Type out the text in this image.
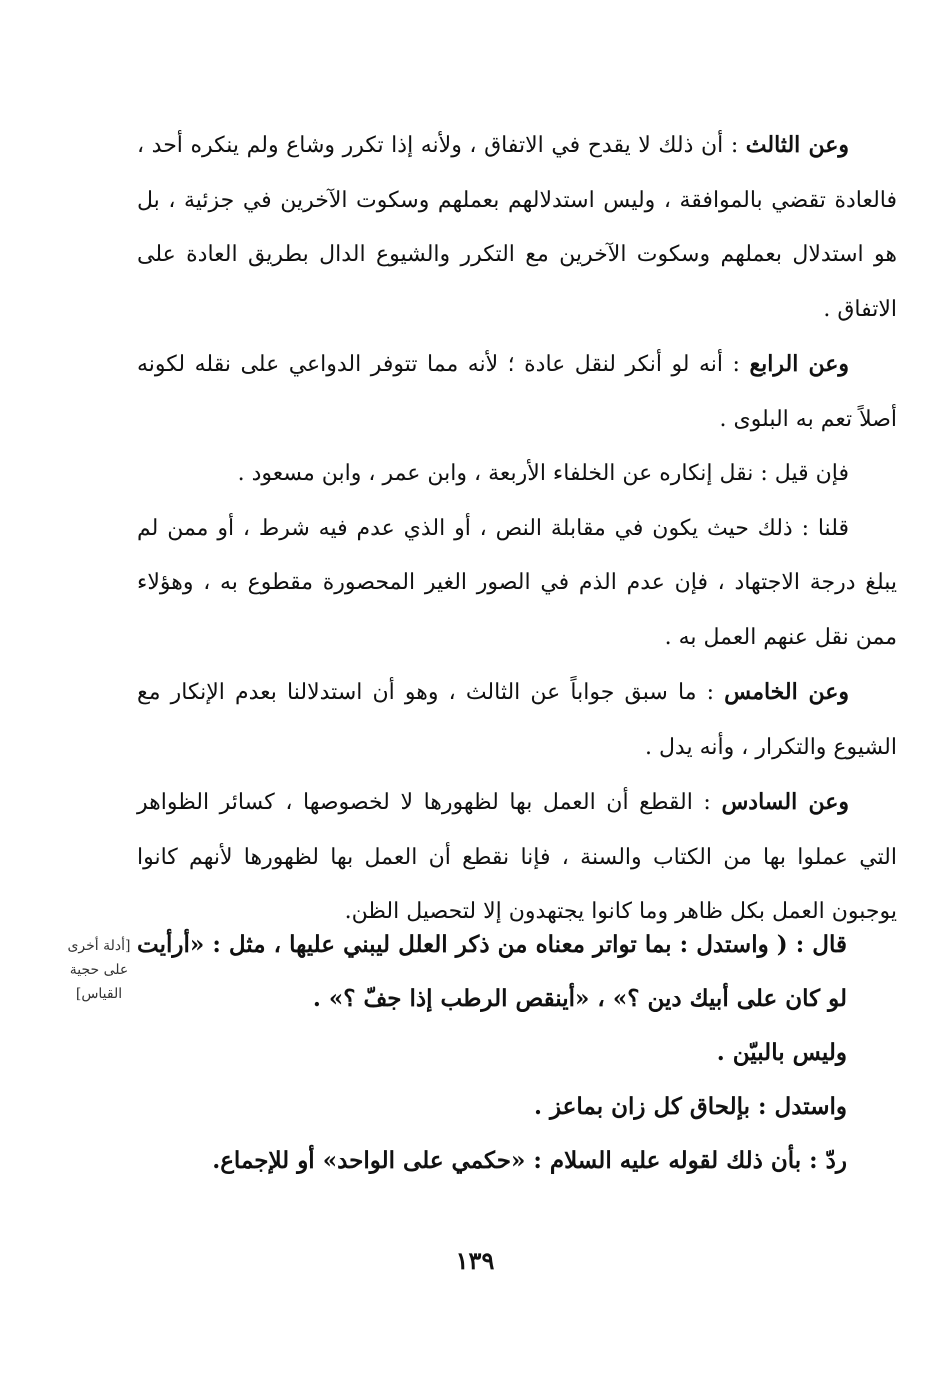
وعن الثالث : أن ذلك لا يقدح في الاتفاق ، ولأنه إذا تكرر وشاع ولم ينكره أحد ، فالعادة تقضي بالموافقة ، وليس استدلالهم بعملهم وسكوت الآخرين في جزئية ، بل هو استدلال بعملهم وسكوت الآخرين مع التكرر والشيوع الدال بطريق العادة على الاتفاق .

وعن الرابع : أنه لو أنكر لنقل عادة ؛ لأنه مما تتوفر الدواعي على نقله لكونه أصلاً تعم به البلوى .

فإن قيل : نقل إنكاره عن الخلفاء الأربعة ، وابن عمر ، وابن مسعود .

قلنا : ذلك حيث يكون في مقابلة النص ، أو الذي عدم فيه شرط ، أو ممن لم يبلغ درجة الاجتهاد ، فإن عدم الذم في الصور الغير المحصورة مقطوع به ، وهؤلاء ممن نقل عنهم العمل به .

وعن الخامس : ما سبق جواباً عن الثالث ، وهو أن استدلالنا بعدم الإنكار مع الشيوع والتكرار ، وأنه يدل .

وعن السادس : القطع أن العمل بها لظهورها لا لخصوصها ، كسائر الظواهر التي عملوا بها من الكتاب والسنة ، فإنا نقطع أن العمل بها لظهورها لأنهم كانوا يوجبون العمل بكل ظاهر وما كانوا يجتهدون إلا لتحصيل الظن.

قال : ( واستدل : بما تواتر معناه من ذكر العلل ليبني عليها ، مثل : «أرأيت لو كان على أبيك دين ؟» ، «أينقص الرطب إذا جفّ ؟» .

وليس بالبيّن .

واستدل : بإلحاق كل زان بماعز .

ردّ : بأن ذلك لقوله عليه السلام : «حكمي على الواحد» أو للإجماع.

[أدلة أخرى على حجية القياس]
١٣٩
